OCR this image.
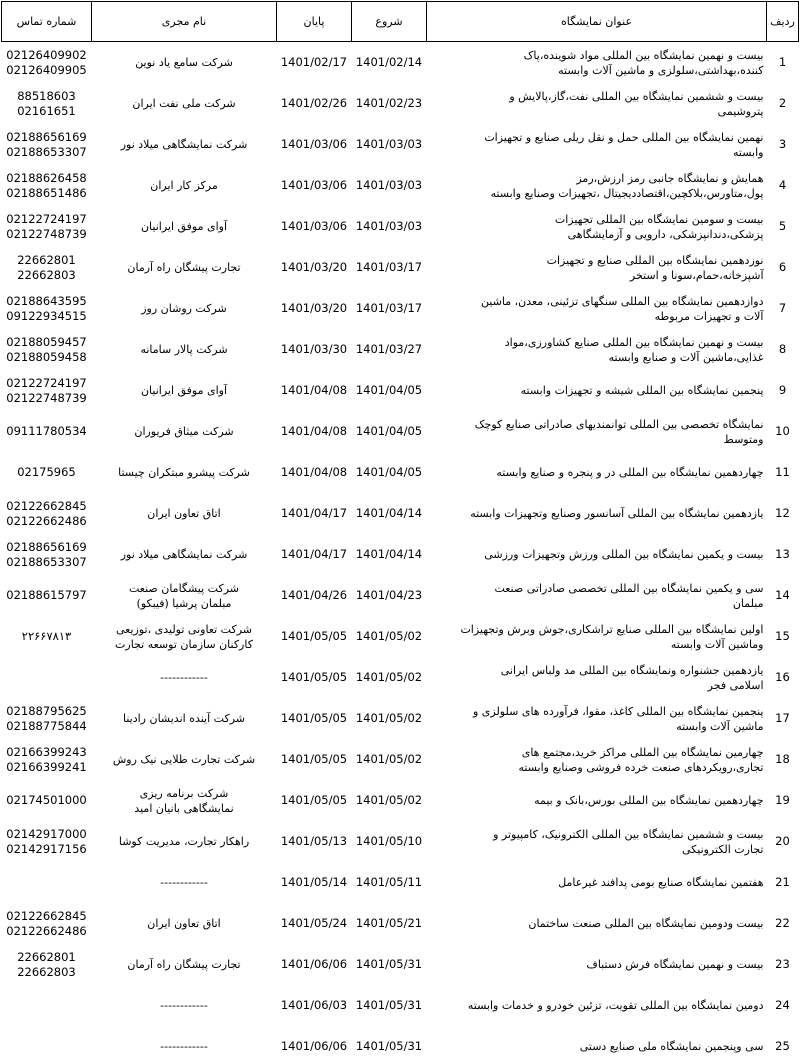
ردیف	عنوان نمایشگاه	شروع	پایان	نام مجری	شماره تماس
1	بیست و نهمین نمایشگاه بین المللی مواد شوینده،پاک
کننده،بهداشتی،سلولزی و ماشین آلات وابسته	1401/02/14	1401/02/17	شرکت سامع یاد نوین	02126409902
02126409905

2	بیست و ششمین نمایشگاه بین المللی نفت،گاز،پالایش و
پتروشیمی	1401/02/23	1401/02/26	شرکت ملی نفت ایران	88518603
02161651

3	نهمین نمایشگاه بین المللی حمل و نقل ریلی صنایع و تجهیزات
وابسته	1401/03/03	1401/03/06	شرکت نمایشگاهی میلاد نور	02188656169
02188653307

4	همایش و نمایشگاه جانبی رمز ارزش،رمز
پول،متاورس،بلاکچین،اقتصاددیجیتال ،تجهیزات وصنایع وابسته	1401/03/03	1401/03/06	مرکز کار ایران	02188626458
02188651486

5	بیست و سومین نمایشگاه بین المللی تجهیزات
پزشکی،دندانپزشکی، دارویی و آزمایشگاهی	1401/03/03	1401/03/06	آوای موفق ایرانیان	02122724197
02122748739

6	نوزدهمین نمایشگاه بین المللی صنایع و تجهیزات
آشپزخانه،حمام،سونا و استخر	1401/03/17	1401/03/20	تجارت پیشگان راه آرمان	22662801
22662803

7	دوازدهمین نمایشگاه بین المللی سنگهای تزئینی، معدن، ماشین
آلات و تجهیزات مربوطه	1401/03/17	1401/03/20	شرکت روشان روز	02188643595
09122934515

8	بیست و نهمین نمایشگاه بین المللی صنایع کشاورزی،مواد
غذایی،ماشین آلات و صنایع وابسته	1401/03/27	1401/03/30	شرکت پالار سامانه	02188059457
02188059458

9	پنجمین نمایشگاه بین المللی شیشه و تجهیزات وابسته	1401/04/05	1401/04/08	آوای موفق ایرانیان	02122724197
02122748739

10	نمایشگاه تخصصی بین المللی توانمندیهای صادراتی صنایع کوچک
ومتوسط	1401/04/05	1401/04/08	شرکت میثاق فریوران	09111780534

11	چهاردهمین نمایشگاه بین المللی در و پنجره و صنایع وابسته	1401/04/05	1401/04/08	شرکت پیشرو مبتکران چیستا	02175965

12	یازدهمین نمایشگاه بین المللی آسانسور وصنایع وتجهیزات وابسته	1401/04/14	1401/04/17	اتاق تعاون ایران	02122662845
02122662486

13	بیست و یکمین نمایشگاه بین المللی ورزش وتجهیزات ورزشی	1401/04/14	1401/04/17	شرکت نمایشگاهی میلاد نور	02188656169
02188653307

14	سی و یکمین نمایشگاه بین المللی تخصصی صادراتی صنعت
مبلمان	1401/04/23	1401/04/26	شرکت پیشگامان صنعت
مبلمان پرشیا (فیبکو)	02188615797

15	اولین نمایشگاه بین المللی صنایع تراشکاری،جوش وبرش وتجهیزات
وماشین آلات وابسته	1401/05/02	1401/05/05	شرکت تعاونی تولیدی ،توزیعی
کارکنان سازمان توسعه تجارت	۲۲۶۶۷۸۱۳

16	یازدهمین جشنواره ونمایشگاه بین المللی مد ولباس ایرانی
اسلامی فجر	1401/05/02	1401/05/05	------------	

17	پنجمین نمایشگاه بین المللی کاغذ، مقوا، فرآورده های سلولزی و
ماشین آلات وابسته	1401/05/02	1401/05/05	شرکت آینده اندیشان رادینا	02188795625
02188775844

18	چهارمین نمایشگاه بین المللی مراکز خرید،مجتمع های
تجاری،رویکردهای صنعت خرده فروشی وصنایع وابسته	1401/05/02	1401/05/05	شرکت تجارت طلایی نیک روش	02166399243
02166399241

19	چهاردهمین نمایشگاه بین المللی بورس،بانک و بیمه	1401/05/02	1401/05/05	شرکت برنامه ریزی
نمایشگاهی بانیان امید	02174501000

20	بیست و ششمین نمایشگاه بین المللی الکترونیک، کامپیوتر و
تجارت الکترونیکی	1401/05/10	1401/05/13	راهکار تجارت، مدیریت کوشا	02142917000
02142917156

21	هفتمین نمایشگاه صنایع بومی پدافند غیرعامل	1401/05/11	1401/05/14	------------	

22	بیست ودومین نمایشگاه بین المللی صنعت ساختمان	1401/05/21	1401/05/24	اتاق تعاون ایران	02122662845
02122662486

23	بیست و نهمین نمایشگاه فرش دستباف	1401/05/31	1401/06/06	تجارت پیشگان راه آرمان	22662801
22662803

24	دومین نمایشگاه بین المللی تقویت، تزئین خودرو و خدمات وابسته	1401/05/31	1401/06/03	------------	

25	سی وپنجمین نمایشگاه ملی صنایع دستی	1401/05/31	1401/06/06	------------	
